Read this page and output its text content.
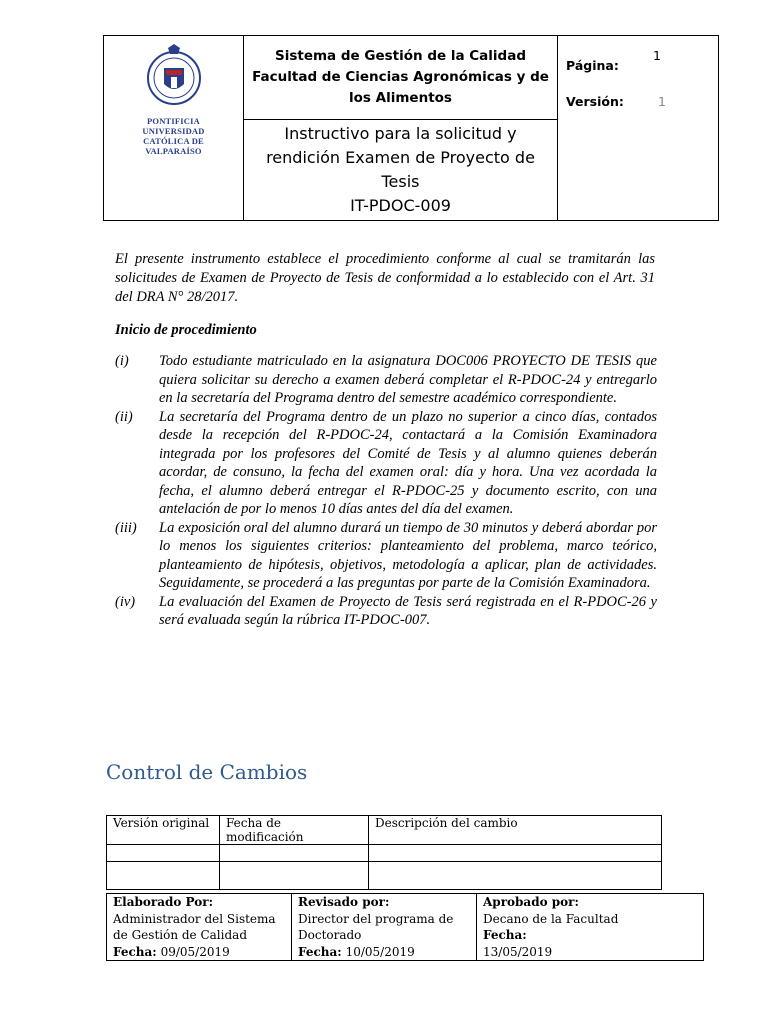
PONTIFICIA
UNIVERSIDAD
CATÓLICA DE
VALPARAÍSO
Sistema de Gestión de la Calidad
Facultad de Ciencias Agronómicas y de
los Alimentos
Instructivo para la solicitud y
rendición Examen de Proyecto de
Tesis
IT-PDOC-009
Página:
1
Versión:	1
El presente instrumento establece el procedimiento conforme al cual se tramitarán las solicitudes de Examen de Proyecto de Tesis de conformidad a lo establecido con el Art. 31 del DRA N° 28/2017.
Inicio de procedimiento
(i)	Todo estudiante matriculado en la asignatura DOC006 PROYECTO DE TESIS que quiera solicitar su derecho a examen deberá completar el R-PDOC-24 y entregarlo en la secretaría del Programa dentro del semestre académico correspondiente.
(ii)	La secretaría del Programa dentro de un plazo no superior a cinco días, contados desde la recepción del R-PDOC-24, contactará a la Comisión Examinadora integrada por los profesores del Comité de Tesis y al alumno quienes deberán acordar, de consuno, la fecha del examen oral: día y hora. Una vez acordada la fecha, el alumno deberá entregar el R-PDOC-25 y documento escrito, con una antelación de por lo menos 10 días antes del día del examen.
(iii)	La exposición oral del alumno durará un tiempo de 30 minutos y deberá abordar por lo menos los siguientes criterios: planteamiento del problema, marco teórico, planteamiento de hipótesis, objetivos, metodología a aplicar, plan de actividades. Seguidamente, se procederá a las preguntas por parte de la Comisión Examinadora.
(iv)	La evaluación del Examen de Proyecto de Tesis será registrada en el R-PDOC-26 y será evaluada según la rúbrica IT-PDOC-007.
Control de Cambios
Versión original	Fecha de modificación	Descripción del cambio

Elaborado Por:
Administrador del Sistema
de Gestión de Calidad
Fecha: 09/05/2019

Revisado por:
Director del programa de
Doctorado
Fecha: 10/05/2019

Aprobado por:
Decano de la Facultad
Fecha:
13/05/2019
